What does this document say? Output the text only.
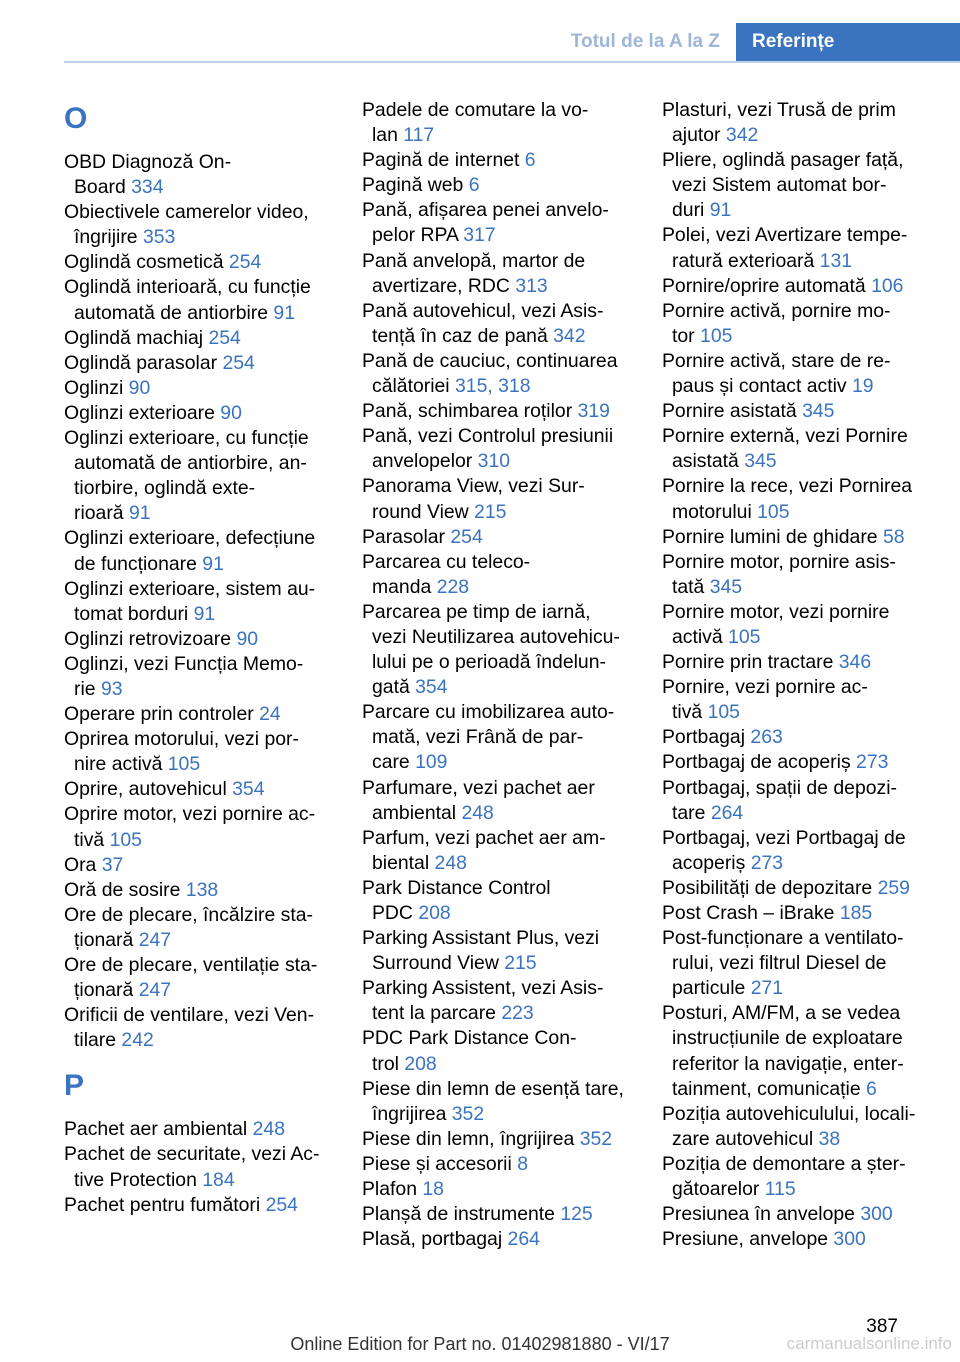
Totul de la A la Z	Referințe
O
OBD Diagnoză On-
Board 334
Obiectivele camerelor video,
îngrijire 353
Oglindă cosmetică 254
Oglindă interioară, cu funcție
automată de antiorbire 91
Oglindă machiaj 254
Oglindă parasolar 254
Oglinzi 90
Oglinzi exterioare 90
Oglinzi exterioare, cu funcție
automată de antiorbire, an‐
tiorbire, oglindă exte‐
rioară 91
Oglinzi exterioare, defecțiune
de funcționare 91
Oglinzi exterioare, sistem au‐
tomat borduri 91
Oglinzi retrovizoare 90
Oglinzi, vezi Funcția Memo‐
rie 93
Operare prin controler 24
Oprirea motorului, vezi por‐
nire activă 105
Oprire, autovehicul 354
Oprire motor, vezi pornire ac‐
tivă 105
Ora 37
Oră de sosire 138
Ore de plecare, încălzire sta‐
ționară 247
Ore de plecare, ventilație sta‐
ționară 247
Orificii de ventilare, vezi Ven‐
tilare 242
P
Pachet aer ambiental 248
Pachet de securitate, vezi Ac‐
tive Protection 184
Pachet pentru fumători 254
Padele de comutare la vo‐
lan 117
Pagină de internet 6
Pagină web 6
Pană, afișarea penei anvelo‐
pelor RPA 317
Pană anvelopă, martor de
avertizare, RDC 313
Pană autovehicul, vezi Asis‐
tență în caz de pană 342
Pană de cauciuc, continuarea
călătoriei 315, 318
Pană, schimbarea roților 319
Pană, vezi Controlul presiunii
anvelopelor 310
Panorama View, vezi Sur‐
round View 215
Parasolar 254
Parcarea cu teleco‐
manda 228
Parcarea pe timp de iarnă,
vezi Neutilizarea autovehicu‐
lului pe o perioadă îndelun‐
gată 354
Parcare cu imobilizarea auto‐
mată, vezi Frână de par‐
care 109
Parfumare, vezi pachet aer
ambiental 248
Parfum, vezi pachet aer am‐
biental 248
Park Distance Control
PDC 208
Parking Assistant Plus, vezi
Surround View 215
Parking Assistent, vezi Asis‐
tent la parcare 223
PDC Park Distance Con‐
trol 208
Piese din lemn de esență tare,
îngrijirea 352
Piese din lemn, îngrijirea 352
Piese și accesorii 8
Plafon 18
Planșă de instrumente 125
Plasă, portbagaj 264
Plasturi, vezi Trusă de prim
ajutor 342
Pliere, oglindă pasager față,
vezi Sistem automat bor‐
duri 91
Polei, vezi Avertizare tempe‐
ratură exterioară 131
Pornire/oprire automată 106
Pornire activă, pornire mo‐
tor 105
Pornire activă, stare de re‐
paus și contact activ 19
Pornire asistată 345
Pornire externă, vezi Pornire
asistată 345
Pornire la rece, vezi Pornirea
motorului 105
Pornire lumini de ghidare 58
Pornire motor, pornire asis‐
tată 345
Pornire motor, vezi pornire
activă 105
Pornire prin tractare 346
Pornire, vezi pornire ac‐
tivă 105
Portbagaj 263
Portbagaj de acoperiș 273
Portbagaj, spații de depozi‐
tare 264
Portbagaj, vezi Portbagaj de
acoperiș 273
Posibilități de depozitare 259
Post Crash – iBrake 185
Post-funcționare a ventilato‐
rului, vezi filtrul Diesel de
particule 271
Posturi, AM/FM, a se vedea
instrucțiunile de exploatare
referitor la navigație, enter‐
tainment, comunicație 6
Poziția autovehiculului, locali‐
zare autovehicul 38
Poziția de demontare a șter‐
gătoarelor 115
Presiunea în anvelope 300
Presiune, anvelope 300
387
Online Edition for Part no. 01402981880 - VI/17	carmanualsonline.info
